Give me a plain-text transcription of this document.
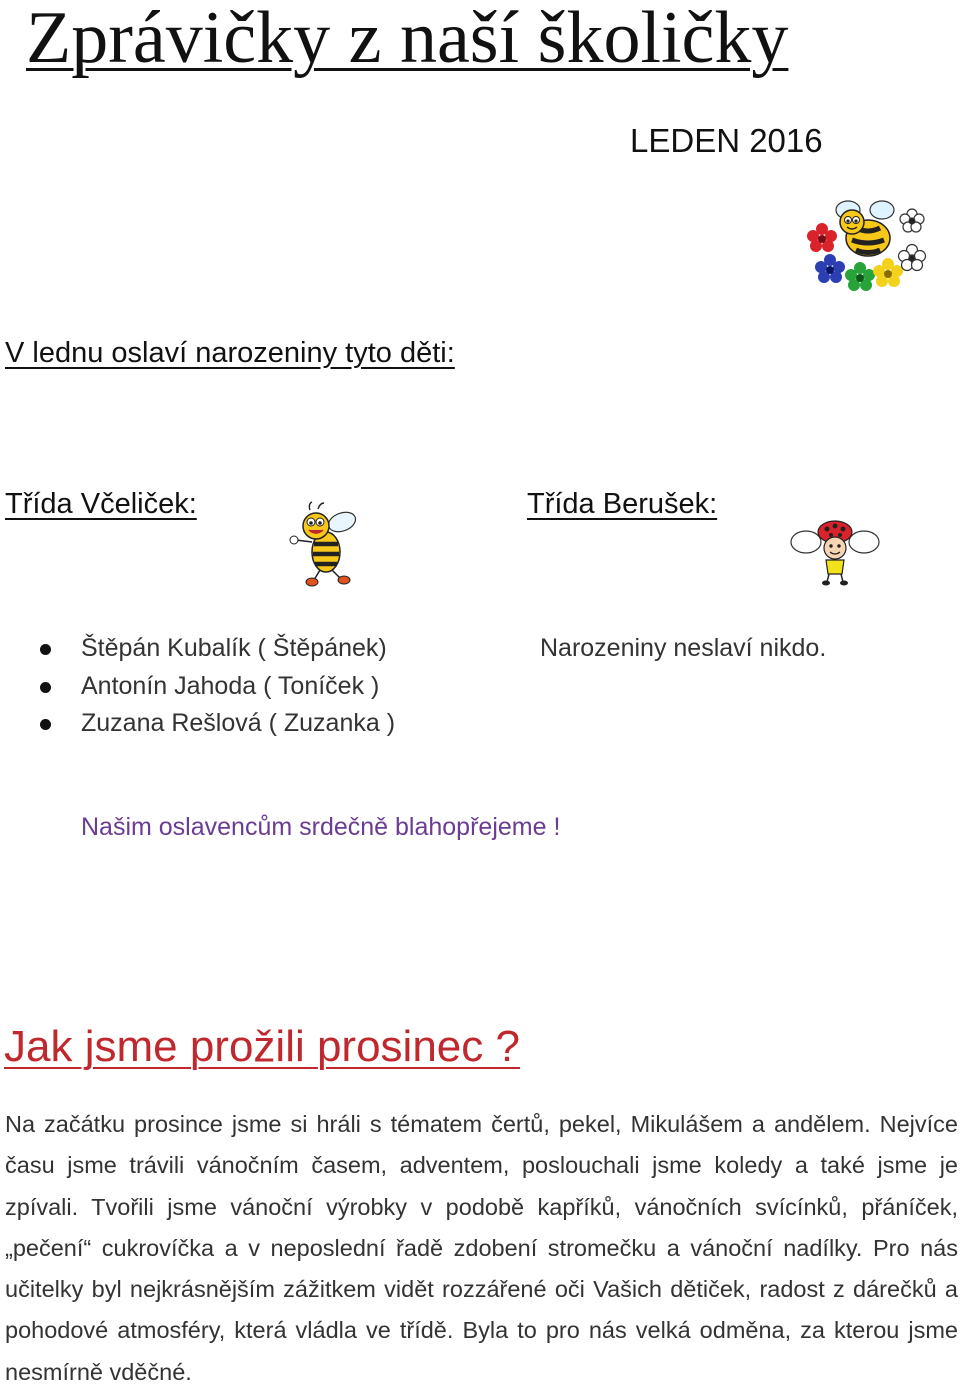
Zprávičky z naší školičky
LEDEN 2016
V lednu oslaví narozeniny tyto děti:
Třída Včeliček:	Třída Berušek:
Štěpán Kubalík ( Štěpánek)
Antonín Jahoda ( Toníček )
Zuzana Rešlová ( Zuzanka )
Narozeniny neslaví nikdo.
Našim oslavencům srdečně blahopřejeme !
Jak jsme prožili prosinec ?

Na začátku prosince jsme si hráli s tématem čertů, pekel, Mikulášem a andělem. Nejvíce času jsme trávili vánočním časem, adventem, poslouchali jsme koledy a také jsme je zpívali. Tvořili jsme vánoční výrobky v podobě kapříků, vánočních svícínků, přáníček, „pečení“ cukrovíčka a v neposlední řadě zdobení stromečku a vánoční nadílky. Pro nás učitelky byl nejkrásnějším zážitkem vidět rozzářené oči Vašich dětiček, radost z dárečků a pohodové atmosféry, která vládla ve třídě. Byla to pro nás velká odměna, za kterou jsme nesmírně vděčné.
